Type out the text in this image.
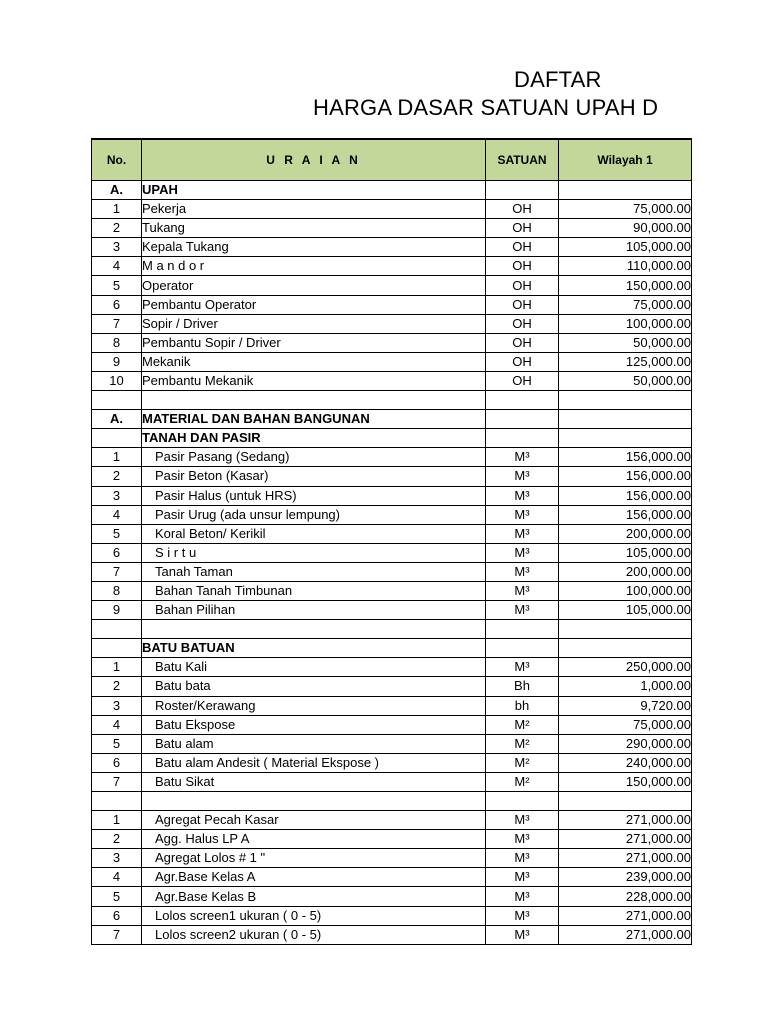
DAFTAR
HARGA DASAR SATUAN UPAH D
No.	U R A I A N	SATUAN	Wilayah 1
A.	UPAH		
1	Pekerja	OH	75,000.00
2	Tukang	OH	90,000.00
3	Kepala Tukang	OH	105,000.00
4	M a n d o r	OH	110,000.00
5	Operator	OH	150,000.00
6	Pembantu Operator	OH	75,000.00
7	Sopir / Driver	OH	100,000.00
8	Pembantu Sopir / Driver	OH	50,000.00
9	Mekanik	OH	125,000.00
10	Pembantu Mekanik	OH	50,000.00

A.	MATERIAL DAN BAHAN BANGUNAN		
	TANAH DAN PASIR		
1	Pasir Pasang (Sedang)	M³	156,000.00
2	Pasir Beton (Kasar)	M³	156,000.00
3	Pasir Halus (untuk HRS)	M³	156,000.00
4	Pasir Urug (ada unsur lempung)	M³	156,000.00
5	Koral Beton/ Kerikil	M³	200,000.00
6	S i r t u	M³	105,000.00
7	Tanah Taman	M³	200,000.00
8	Bahan Tanah Timbunan	M³	100,000.00
9	Bahan Pilihan	M³	105,000.00

	BATU BATUAN		
1	Batu Kali	M³	250,000.00
2	Batu bata	Bh	1,000.00
3	Roster/Kerawang	bh	9,720.00
4	Batu Ekspose	M²	75,000.00
5	Batu alam	M²	290,000.00
6	Batu alam Andesit ( Material Ekspose )	M²	240,000.00
7	Batu Sikat	M²	150,000.00

1	Agregat Pecah Kasar	M³	271,000.00
2	Agg. Halus LP A	M³	271,000.00
3	Agregat Lolos # 1 "	M³	271,000.00
4	Agr.Base Kelas A	M³	239,000.00
5	Agr.Base Kelas B	M³	228,000.00
6	Lolos screen1 ukuran ( 0 - 5)	M³	271,000.00
7	Lolos screen2 ukuran ( 0 - 5)	M³	271,000.00
